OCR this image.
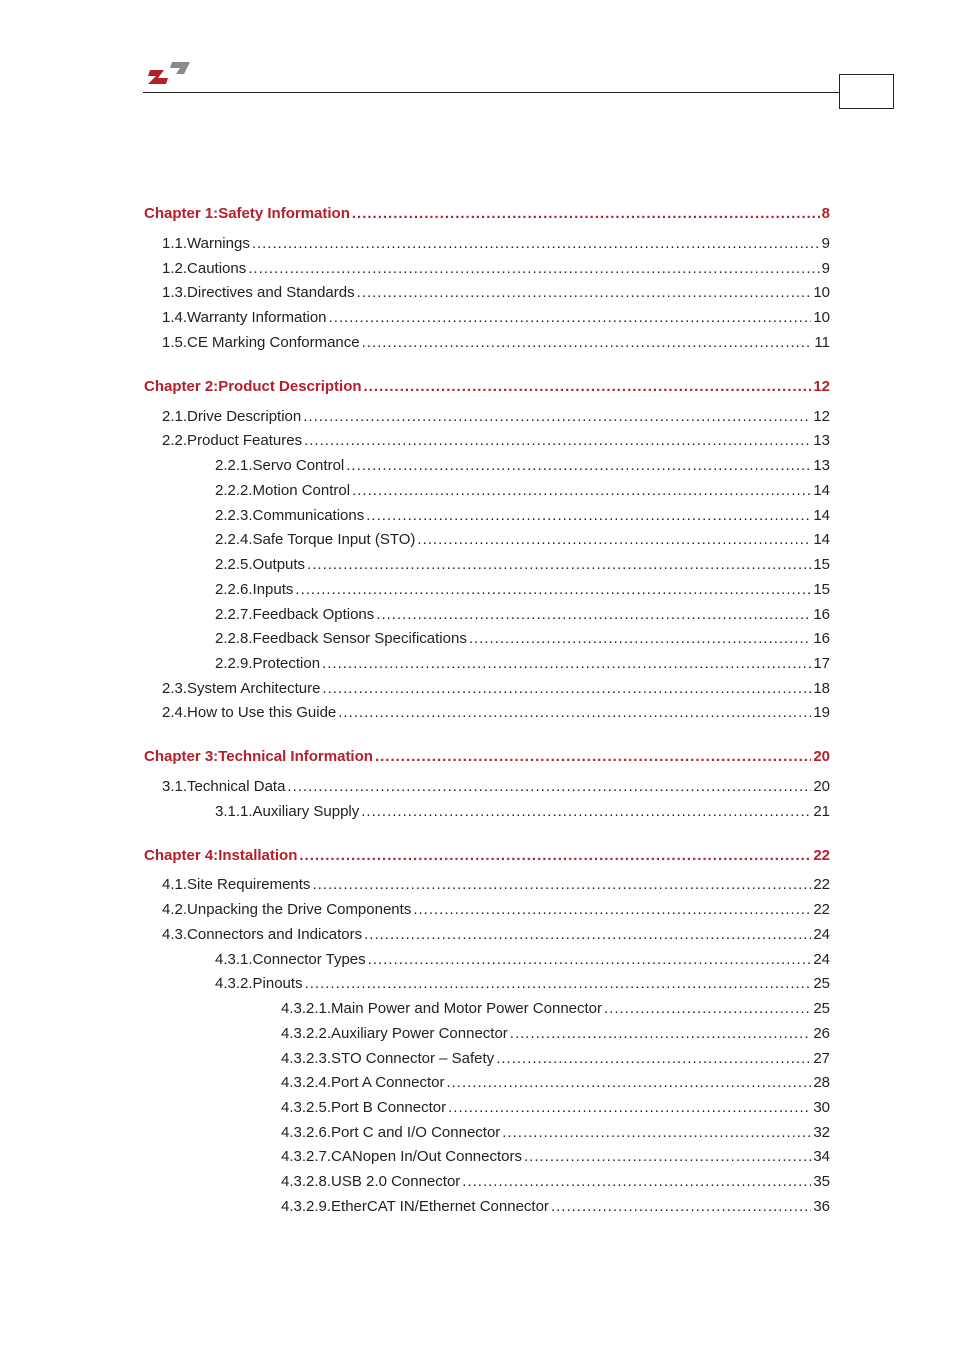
Chapter 1: Safety Information .....	8
1.1. Warnings .....	9
1.2. Cautions .....	9
1.3. Directives and Standards .....	10
1.4. Warranty Information .....	10
1.5. CE Marking Conformance .....	11
Chapter 2: Product Description .....	12
2.1. Drive Description .....	12
2.2. Product Features .....	13
2.2.1. Servo Control .....	13
2.2.2. Motion Control .....	14
2.2.3. Communications .....	14
2.2.4. Safe Torque Input (STO) .....	14
2.2.5. Outputs .....	15
2.2.6. Inputs .....	15
2.2.7. Feedback Options .....	16
2.2.8. Feedback Sensor Specifications .....	16
2.2.9. Protection .....	17
2.3. System Architecture .....	18
2.4. How to Use this Guide .....	19
Chapter 3: Technical Information .....	20
3.1. Technical Data .....	20
3.1.1. Auxiliary Supply .....	21
Chapter 4: Installation .....	22
4.1. Site Requirements .....	22
4.2. Unpacking the Drive Components .....	22
4.3. Connectors and Indicators .....	24
4.3.1. Connector Types .....	24
4.3.2. Pinouts .....	25
4.3.2.1. Main Power and Motor Power Connector .....	25
4.3.2.2. Auxiliary Power Connector .....	26
4.3.2.3. STO Connector – Safety .....	27
4.3.2.4. Port A Connector .....	28
4.3.2.5. Port B Connector .....	30
4.3.2.6. Port C and I/O Connector .....	32
4.3.2.7. CANopen In/Out Connectors .....	34
4.3.2.8. USB 2.0 Connector .....	35
4.3.2.9. EtherCAT IN/Ethernet Connector .....	36
